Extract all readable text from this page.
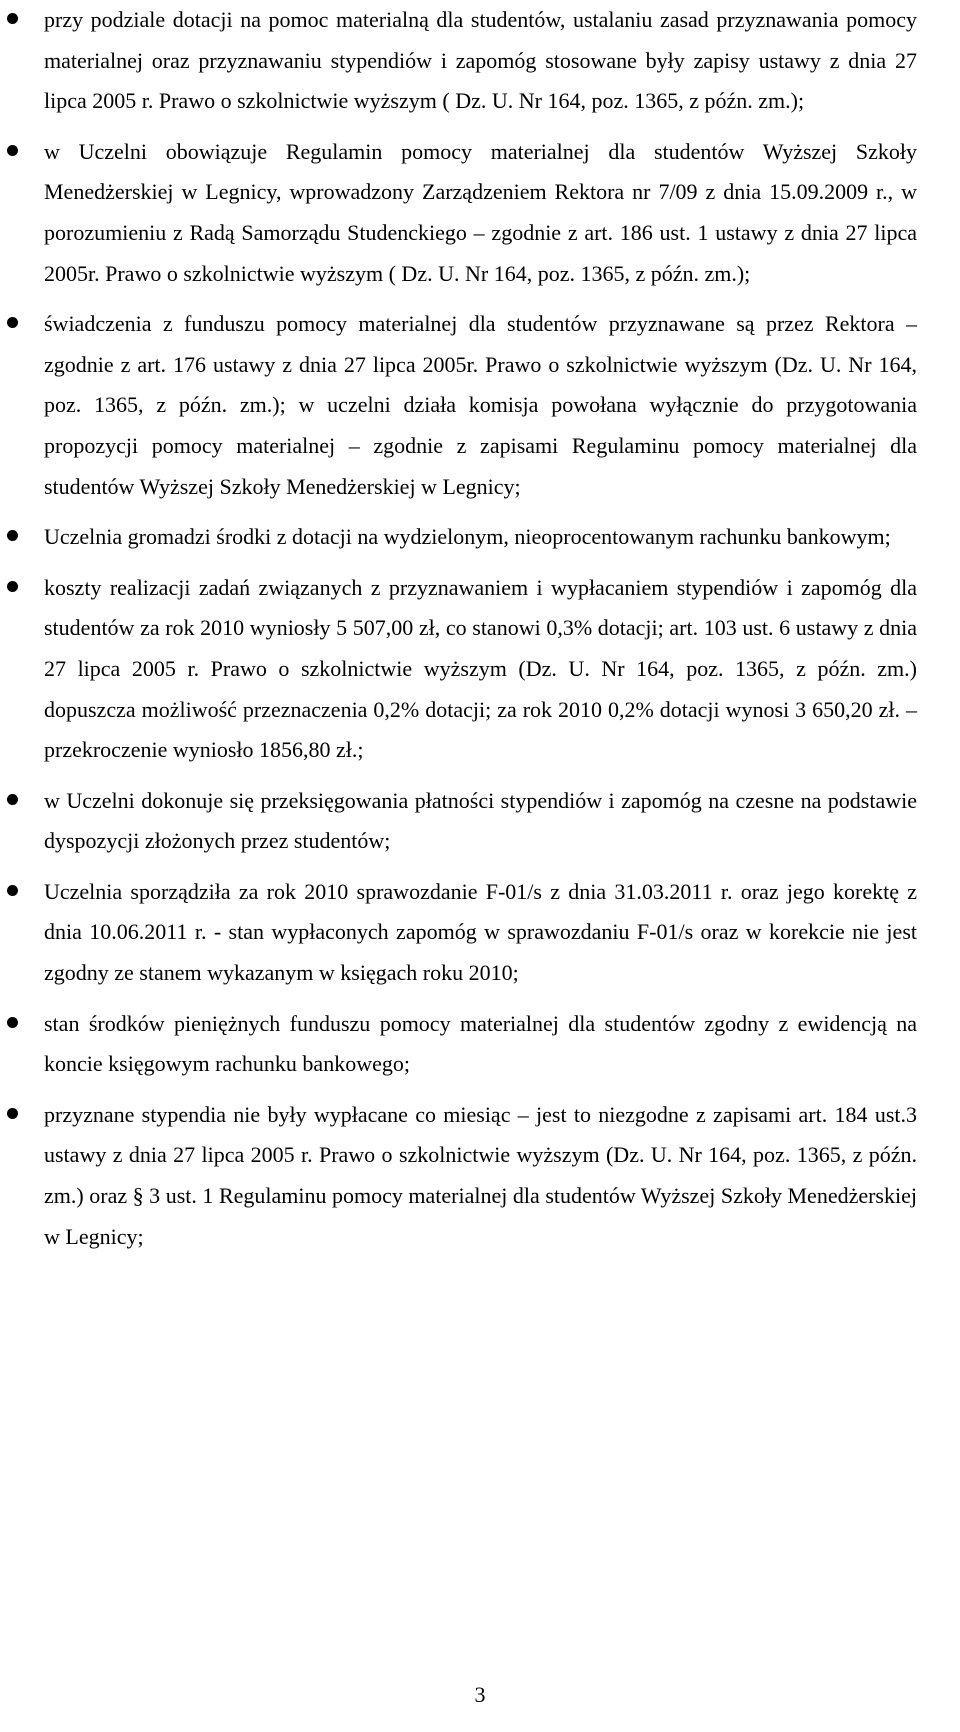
przy podziale dotacji na pomoc materialną dla studentów, ustalaniu zasad przyznawania pomocy materialnej oraz przyznawaniu stypendiów i zapomóg stosowane były zapisy ustawy z dnia 27 lipca 2005 r. Prawo o szkolnictwie wyższym ( Dz. U. Nr 164, poz. 1365, z późn. zm.);
w Uczelni obowiązuje Regulamin pomocy materialnej dla studentów Wyższej Szkoły Menedżerskiej w Legnicy, wprowadzony Zarządzeniem Rektora nr 7/09 z dnia 15.09.2009 r., w porozumieniu z Radą Samorządu Studenckiego – zgodnie z art. 186 ust. 1 ustawy z dnia 27 lipca 2005r. Prawo o szkolnictwie wyższym ( Dz. U. Nr 164, poz. 1365, z późn. zm.);
świadczenia z funduszu pomocy materialnej dla studentów przyznawane są przez Rektora – zgodnie z art. 176 ustawy z dnia 27 lipca 2005r. Prawo o szkolnictwie wyższym (Dz. U. Nr 164, poz. 1365, z późn. zm.); w uczelni działa komisja powołana wyłącznie do przygotowania propozycji pomocy materialnej – zgodnie z zapisami Regulaminu pomocy materialnej dla studentów Wyższej Szkoły Menedżerskiej w Legnicy;
Uczelnia gromadzi środki z dotacji na wydzielonym, nieoprocentowanym rachunku bankowym;
koszty realizacji zadań związanych z przyznawaniem i wypłacaniem stypendiów i zapomóg dla studentów za rok 2010 wyniosły 5 507,00 zł, co stanowi 0,3% dotacji; art. 103 ust. 6 ustawy z dnia 27 lipca 2005 r. Prawo o szkolnictwie wyższym (Dz. U. Nr 164, poz. 1365, z późn. zm.) dopuszcza możliwość przeznaczenia 0,2% dotacji; za rok 2010 0,2% dotacji wynosi 3 650,20 zł. – przekroczenie wyniosło 1856,80 zł.;
w Uczelni dokonuje się przeksięgowania płatności stypendiów i zapomóg na czesne na podstawie dyspozycji złożonych przez studentów;
Uczelnia sporządziła za rok 2010 sprawozdanie F-01/s z dnia 31.03.2011 r. oraz jego korektę z dnia 10.06.2011 r. - stan wypłaconych zapomóg w sprawozdaniu F-01/s oraz w korekcie nie jest zgodny ze stanem wykazanym w księgach roku 2010;
stan środków pieniężnych funduszu pomocy materialnej dla studentów zgodny z ewidencją na koncie księgowym rachunku bankowego;
przyznane stypendia nie były wypłacane co miesiąc – jest to niezgodne z zapisami art. 184 ust.3 ustawy z dnia 27 lipca 2005 r. Prawo o szkolnictwie wyższym (Dz. U. Nr 164, poz. 1365, z późn. zm.) oraz § 3 ust. 1 Regulaminu pomocy materialnej dla studentów Wyższej Szkoły Menedżerskiej w Legnicy;
3
